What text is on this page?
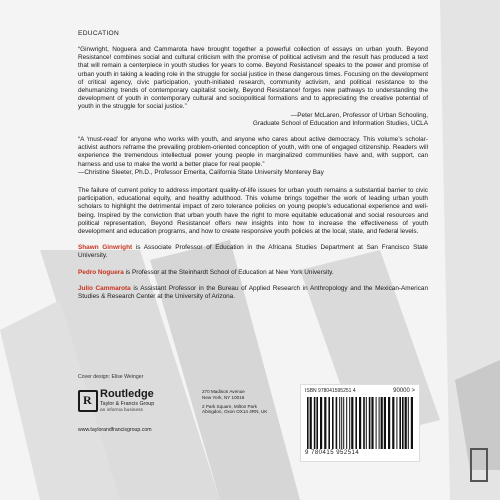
EDUCATION

“Ginwright, Noguera and Cammarota have brought together a powerful collection of essays on urban youth. Beyond Resistance! combines social and cultural criticism with the promise of political activism and the result has produced a text that will remain a centerpiece in youth studies for years to come. Beyond Resistance! speaks to the power and promise of urban youth in taking a leading role in the struggle for social justice in these dangerous times. Focusing on the development of critical agency, civic participation, youth-initiated research, community activism, and political resistance to the dehumanizing trends of contemporary capitalist society, Beyond Resistance! forges new pathways to understanding the development of youth in contemporary cultural and sociopolitical formations and to appreciating the creative potential of youth in the struggle for social justice.”

—Peter McLaren, Professor of Urban Schooling,
Graduate School of Education and Information Studies, UCLA

“A ‘must-read’ for anyone who works with youth, and anyone who cares about active democracy. This volume’s scholar-activist authors reframe the prevailing problem-oriented conception of youth, with one of engaged citizenship. Readers will experience the tremendous intellectual power young people in marginalized communities have and, with support, can harness and use to make the world a better place for real people.”

—Christine Sleeter, Ph.D., Professor Emerita, California State University Monterey Bay

The failure of current policy to address important quality-of-life issues for urban youth remains a substantial barrier to civic participation, educational equity, and healthy adulthood. This volume brings together the work of leading urban youth scholars to highlight the detrimental impact of zero tolerance policies on young people’s educational experience and well-being. Inspired by the conviction that urban youth have the right to more equitable educational and social resources and political representation, Beyond Resistance! offers new insights into how to increase the effectiveness of youth development and education programs, and how to create responsive youth policies at the local, state, and federal levels.

Shawn Ginwright is Associate Professor of Education in the Africana Studies Department at San Francisco State University.

Pedro Noguera is Professor at the Steinhardt School of Education at New York University.

Julio Cammarota is Assistant Professor in the Bureau of Applied Research in Anthropology and the Mexican-American Studies & Research Center at the University of Arizona.

Cover design: Elise Weinger
R Routledge
Taylor & Francis Group
an informa business
www.taylorandfrancisgroup.com
270 Madison Avenue
New York, NY 10016
2 Park Square, Milton Park
Abingdon, Oxon OX14 4RN, UK
ISBN 978041595251 4	90000 >
9 780415 952514
